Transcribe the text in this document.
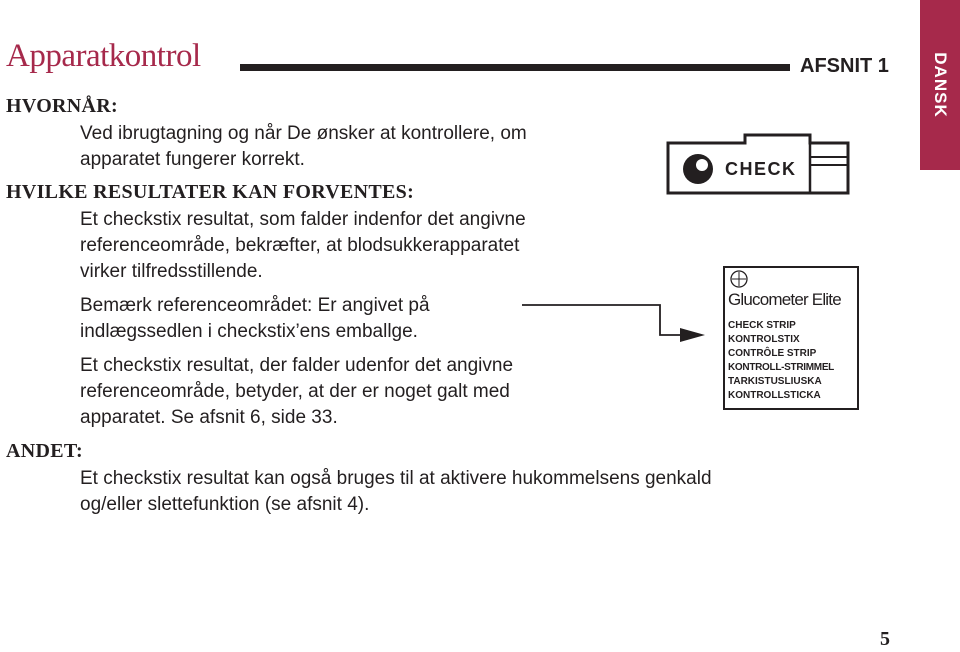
Apparatkontrol	AFSNIT 1 DANSK
HVORNÅR:

Ved ibrugtagning og når De ønsker at kontrollere, om
apparatet fungerer korrekt.

HVILKE RESULTATER KAN FORVENTES:

Et checkstix resultat, som falder indenfor det angivne
referenceområde, bekræfter, at blodsukkerapparatet
virker tilfredsstillende.

Bemærk referenceområdet: Er angivet på
indlægssedlen i checkstix’ens emballge.

Et checkstix resultat, der falder udenfor det angivne
referenceområde, betyder, at der er noget galt med
apparatet. Se afsnit 6, side 33.

ANDET:

Et checkstix resultat kan også bruges til at aktivere hukommelsens genkald
og/eller slettefunktion (se afsnit 4).

CHECK
Glucometer Elite
CHECK STRIP
KONTROLSTIX
CONTRÔLE STRIP
KONTROLL-STRIMMEL
TARKISTUSLIUSKA
KONTROLLSTICKA
5
